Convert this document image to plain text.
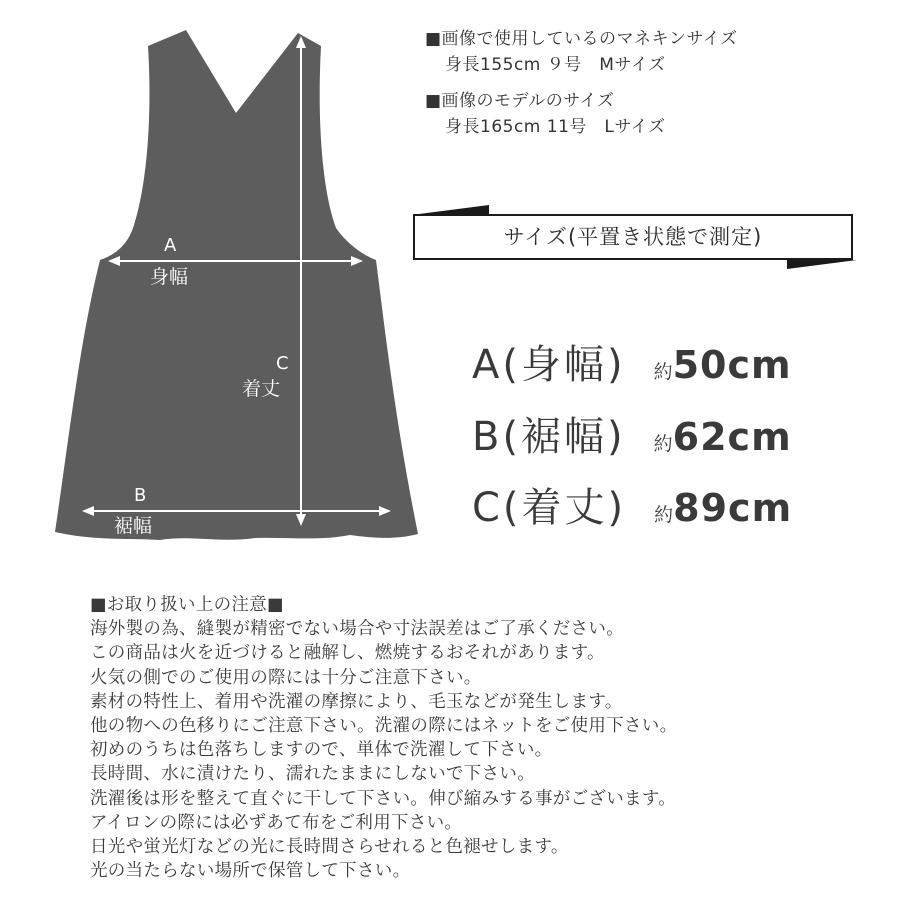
A
身幅
C
着丈
B
裾幅
■画像で使用しているのマネキンサイズ
身長155cm ９号　Mサイズ
■画像のモデルのサイズ
身長165cm 11号　Lサイズ
サイズ(平置き状態で測定)
A(身幅) 約50cm
B(裾幅) 約62cm
C(着丈) 約89cm
■お取り扱い上の注意■
海外製の為、縫製が精密でない場合や寸法誤差はご了承ください。
この商品は火を近づけると融解し、燃焼するおそれがあります。
火気の側でのご使用の際には十分ご注意下さい。
素材の特性上、着用や洗濯の摩擦により、毛玉などが発生します。
他の物への色移りにご注意下さい。洗濯の際にはネットをご使用下さい。
初めのうちは色落ちしますので、単体で洗濯して下さい。
長時間、水に漬けたり、濡れたままにしないで下さい。
洗濯後は形を整えて直ぐに干して下さい。伸び縮みする事がございます。
アイロンの際には必ずあて布をご利用下さい。
日光や蛍光灯などの光に長時間さらせれると色褪せします。
光の当たらない場所で保管して下さい。
